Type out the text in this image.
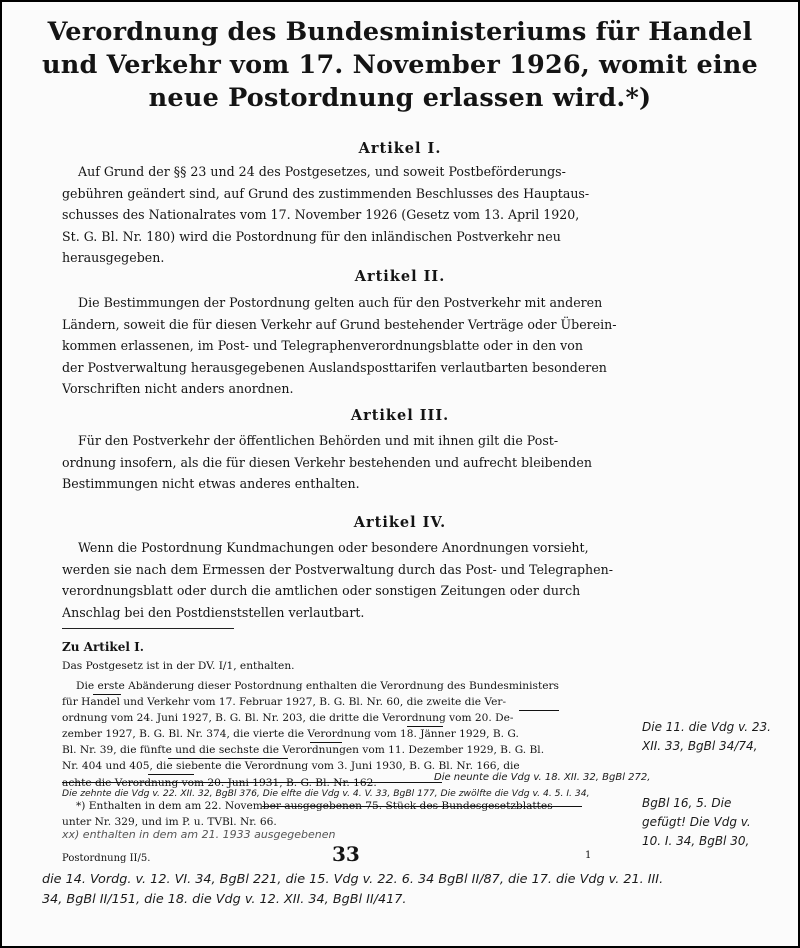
Verordnung des Bundesministeriums für Handel
und Verkehr vom 17. November 1926, womit eine
neue Postordnung erlassen wird.*)
Artikel I.

Auf Grund der §§ 23 und 24 des Postgesetzes, und soweit Postbeförderungs-
gebühren geändert sind, auf Grund des zustimmenden Beschlusses des Hauptaus-
schusses des Nationalrates vom 17. November 1926 (Gesetz vom 13. April 1920,
St. G. Bl. Nr. 180) wird die Postordnung für den inländischen Postverkehr neu
herausgegeben.

Artikel II.

Die Bestimmungen der Postordnung gelten auch für den Postverkehr mit anderen
Ländern, soweit die für diesen Verkehr auf Grund bestehender Verträge oder Überein-
kommen erlassenen, im Post- und Telegraphenverordnungsblatte oder in den von
der Postverwaltung herausgegebenen Auslandsposttarifen verlautbarten besonderen
Vorschriften nicht anders anordnen.

Artikel III.

Für den Postverkehr der öffentlichen Behörden und mit ihnen gilt die Post-
ordnung insofern, als die für diesen Verkehr bestehenden und aufrecht bleibenden
Bestimmungen nicht etwas anderes enthalten.

Artikel IV.

Wenn die Postordnung Kundmachungen oder besondere Anordnungen vorsieht,
werden sie nach dem Ermessen der Postverwaltung durch das Post- und Telegraphen-
verordnungsblatt oder durch die amtlichen oder sonstigen Zeitungen oder durch
Anschlag bei den Postdienststellen verlautbart.

Zu Artikel I.

Das Postgesetz ist in der DV. I/1, enthalten.

Die erste Abänderung dieser Postordnung enthalten die Verordnung des Bundesministers
für Handel und Verkehr vom 17. Februar 1927, B. G. Bl. Nr. 60, die zweite die Ver-
ordnung vom 24. Juni 1927, B. G. Bl. Nr. 203, die dritte die Verordnung vom 20. De-
zember 1927, B. G. Bl. Nr. 374, die vierte die Verordnung vom 18. Jänner 1929, B. G.
Bl. Nr. 39, die fünfte und die sechste die Verordnungen vom 11. Dezember 1929, B. G. Bl.
Nr. 404 und 405, die siebente die Verordnung vom 3. Juni 1930, B. G. Bl. Nr. 166, die
achte die Verordnung vom 20. Juni 1931, B. G. Bl. Nr. 162.

*) Enthalten in dem am 22. November ausgegebenen 75. Stück des Bundesgesetzblattes
unter Nr. 329, und im P. u. TVBl. Nr. 66.

Die neunte die Vdg v. 18. XII. 32, BgBl 272,

Die zehnte die Vdg v. 22. XII. 32, BgBl 376, Die elfte die Vdg v. 4. V. 33, BgBl 177, Die zwölfte die Vdg v. 4. 5. I. 34,

Die 11. die Vdg v. 23.
XII. 33, BgBl 34/74,

BgBl 16, 5. Die
gefügt! Die Vdg v.
10. I. 34, BgBl 30,

xx) enthalten in dem am 21. 1933 ausgegebenen

Postordnung II/5.	33	1

die 14. Vordg. v. 12. VI. 34, BgBl 221, die 15. Vdg v. 22. 6. 34 BgBl II/87, die 17. die Vdg v. 21. III.

34, BgBl II/151, die 18. die Vdg v. 12. XII. 34, BgBl II/417.
